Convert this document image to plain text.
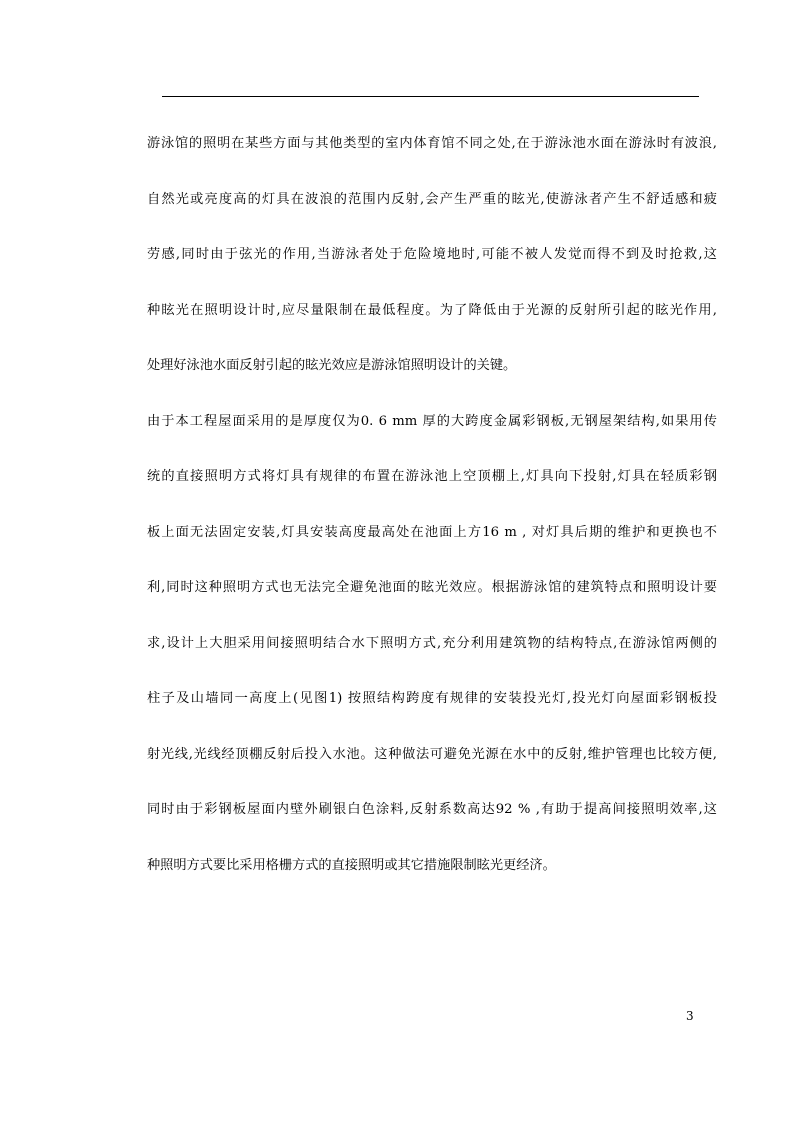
游泳馆的照明在某些方面与其他类型的室内体育馆不同之处,在于游泳池水面在游泳时有波浪,
自然光或亮度高的灯具在波浪的范围内反射,会产生严重的眩光,使游泳者产生不舒适感和疲
劳感,同时由于弦光的作用,当游泳者处于危险境地时,可能不被人发觉而得不到及时抢救,这
种眩光在照明设计时,应尽量限制在最低程度。为了降低由于光源的反射所引起的眩光作用,
处理好泳池水面反射引起的眩光效应是游泳馆照明设计的关键。
由于本工程屋面采用的是厚度仅为0. 6 mm 厚的大跨度金属彩钢板,无钢屋架结构,如果用传
统的直接照明方式将灯具有规律的布置在游泳池上空顶棚上,灯具向下投射,灯具在轻质彩钢
板上面无法固定安装,灯具安装高度最高处在池面上方16 m , 对灯具后期的维护和更换也不
利,同时这种照明方式也无法完全避免池面的眩光效应。根据游泳馆的建筑特点和照明设计要
求,设计上大胆采用间接照明结合水下照明方式,充分利用建筑物的结构特点,在游泳馆两侧的
柱子及山墙同一高度上(见图1) 按照结构跨度有规律的安装投光灯,投光灯向屋面彩钢板投
射光线,光线经顶棚反射后投入水池。这种做法可避免光源在水中的反射,维护管理也比较方便,
同时由于彩钢板屋面内壁外刷银白色涂料,反射系数高达92 % ,有助于提高间接照明效率,这
种照明方式要比采用格栅方式的直接照明或其它措施限制眩光更经济。
3
